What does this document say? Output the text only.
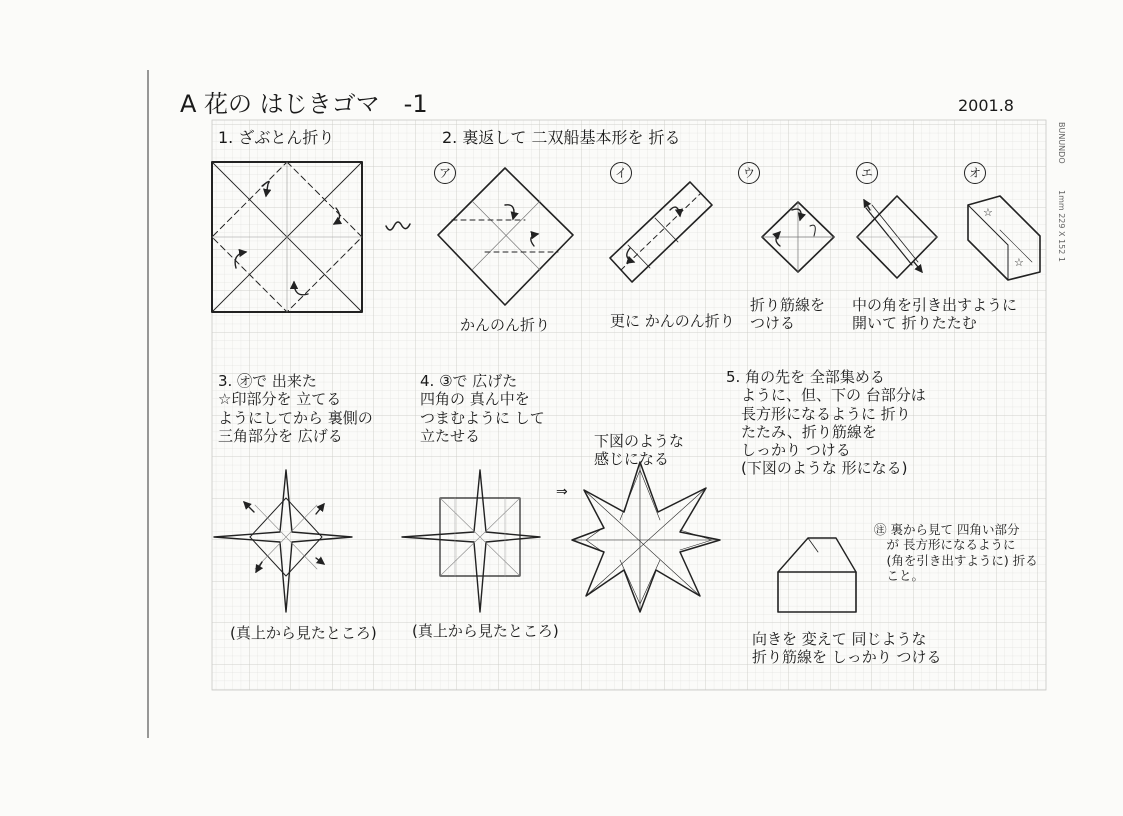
☆
☆
A 花の はじきゴマ　-1	2001.8
BUNUNDO
1mm 229 X 152 1
1. ざぶとん折り	2. 裏返して 二双船基本形を 折る
ア	イ	ウ	エ	オ
かんのん折り	更に かんのん折り
折り筋線を
つける
中の角を引き出すように
開いて 折りたたむ
3. ㋔で 出来た
☆印部分を 立てる
ようにしてから 裏側の
三角部分を 広げる
(真上から見たところ)
4. ③で 広げた
四角の 真ん中を
つまむように して
立たせる
(真上から見たところ)
⇒
下図のような
感じになる
5. 角の先を 全部集める
　ように、但、下の 台部分は
　長方形になるように 折り
　たたみ、折り筋線を
　しっかり つける
　(下図のような 形になる)
㊟ 裏から見て 四角い部分
　が 長方形になるように
　(角を引き出すように) 折る
　こと。
向きを 変えて 同じような
折り筋線を しっかり つける
